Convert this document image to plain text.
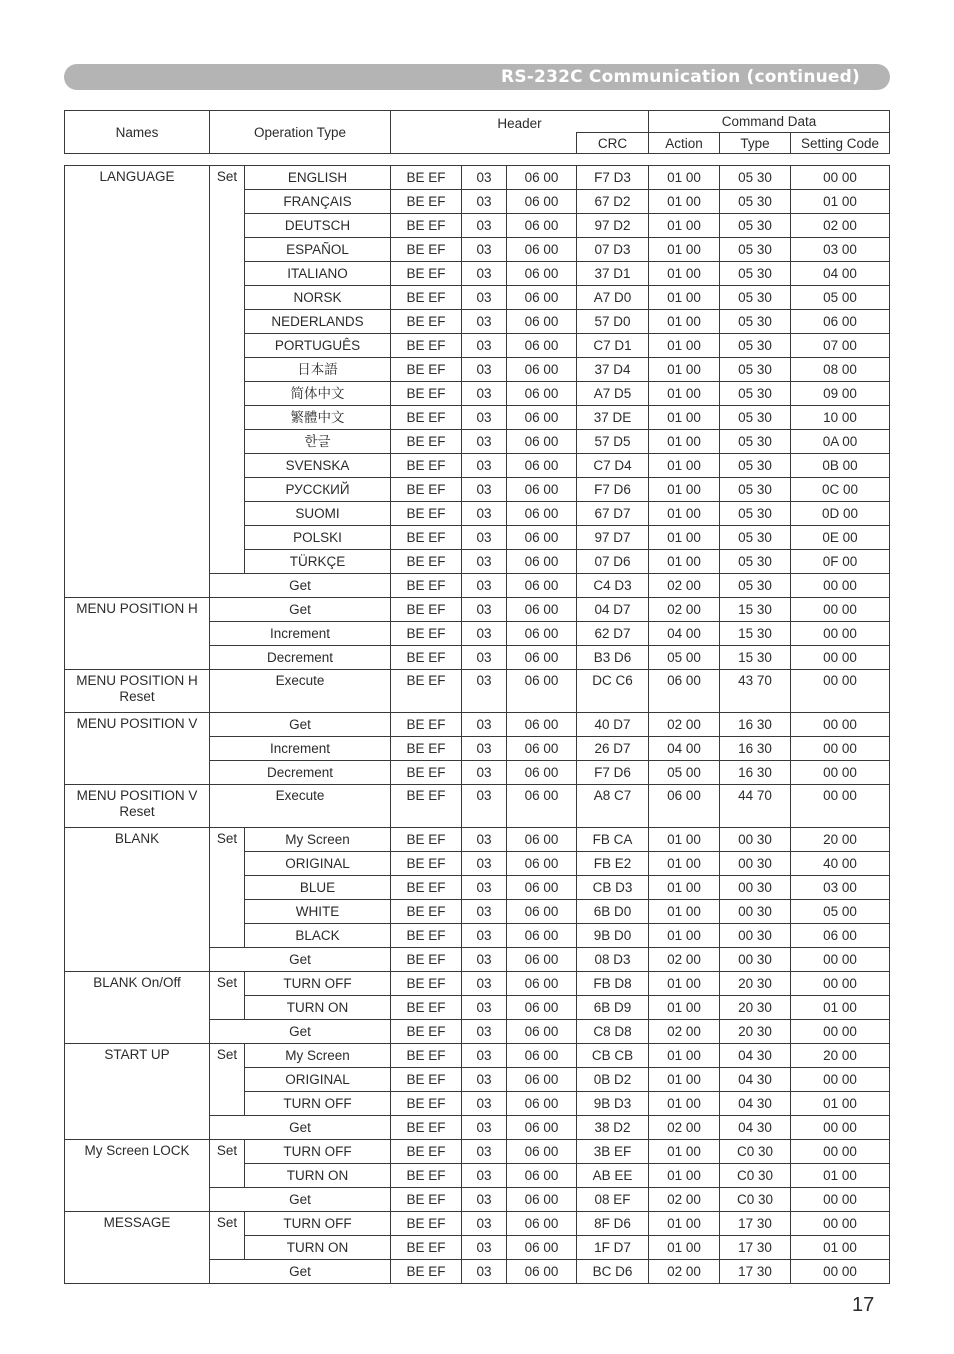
RS-232C Communication (continued)
Names	Operation Type	Header		Command Data		
			CRC	Action	Type	Setting Code
LANGUAGE	Set	ENGLISH	BE EF	03	06 00	F7 D3	01 00	05 30	00 00
		FRANÇAIS	BE EF	03	06 00	67 D2	01 00	05 30	01 00
		DEUTSCH	BE EF	03	06 00	97 D2	01 00	05 30	02 00
		ESPAÑOL	BE EF	03	06 00	07 D3	01 00	05 30	03 00
		ITALIANO	BE EF	03	06 00	37 D1	01 00	05 30	04 00
		NORSK	BE EF	03	06 00	A7 D0	01 00	05 30	05 00
		NEDERLANDS	BE EF	03	06 00	57 D0	01 00	05 30	06 00
		PORTUGUÊS	BE EF	03	06 00	C7 D1	01 00	05 30	07 00
		日本語	BE EF	03	06 00	37 D4	01 00	05 30	08 00
		简体中文	BE EF	03	06 00	A7 D5	01 00	05 30	09 00
		繁體中文	BE EF	03	06 00	37 DE	01 00	05 30	10 00
		한글	BE EF	03	06 00	57 D5	01 00	05 30	0A 00
		SVENSKA	BE EF	03	06 00	C7 D4	01 00	05 30	0B 00
		РУССКИЙ	BE EF	03	06 00	F7 D6	01 00	05 30	0C 00
		SUOMI	BE EF	03	06 00	67 D7	01 00	05 30	0D 00
		POLSKI	BE EF	03	06 00	97 D7	01 00	05 30	0E 00
		TÜRKÇE	BE EF	03	06 00	07 D6	01 00	05 30	0F 00
	Get		BE EF	03	06 00	C4 D3	02 00	05 30	00 00
MENU POSITION H	Get		BE EF	03	06 00	04 D7	02 00	15 30	00 00
	Increment		BE EF	03	06 00	62 D7	04 00	15 30	00 00
	Decrement		BE EF	03	06 00	B3 D6	05 00	15 30	00 00
MENU POSITION H Reset	Execute		BE EF	03	06 00	DC C6	06 00	43 70	00 00
MENU POSITION V	Get		BE EF	03	06 00	40 D7	02 00	16 30	00 00
	Increment		BE EF	03	06 00	26 D7	04 00	16 30	00 00
	Decrement		BE EF	03	06 00	F7 D6	05 00	16 30	00 00
MENU POSITION V Reset	Execute		BE EF	03	06 00	A8 C7	06 00	44 70	00 00
BLANK	Set	My Screen	BE EF	03	06 00	FB CA	01 00	00 30	20 00
		ORIGINAL	BE EF	03	06 00	FB E2	01 00	00 30	40 00
		BLUE	BE EF	03	06 00	CB D3	01 00	00 30	03 00
		WHITE	BE EF	03	06 00	6B D0	01 00	00 30	05 00
		BLACK	BE EF	03	06 00	9B D0	01 00	00 30	06 00
	Get		BE EF	03	06 00	08 D3	02 00	00 30	00 00
BLANK On/Off	Set	TURN OFF	BE EF	03	06 00	FB D8	01 00	20 30	00 00
		TURN ON	BE EF	03	06 00	6B D9	01 00	20 30	01 00
	Get		BE EF	03	06 00	C8 D8	02 00	20 30	00 00
START UP	Set	My Screen	BE EF	03	06 00	CB CB	01 00	04 30	20 00
		ORIGINAL	BE EF	03	06 00	0B D2	01 00	04 30	00 00
		TURN OFF	BE EF	03	06 00	9B D3	01 00	04 30	01 00
	Get		BE EF	03	06 00	38 D2	02 00	04 30	00 00
My Screen LOCK	Set	TURN OFF	BE EF	03	06 00	3B EF	01 00	C0 30	00 00
		TURN ON	BE EF	03	06 00	AB EE	01 00	C0 30	01 00
	Get		BE EF	03	06 00	08 EF	02 00	C0 30	00 00
MESSAGE	Set	TURN OFF	BE EF	03	06 00	8F D6	01 00	17 30	00 00
		TURN ON	BE EF	03	06 00	1F D7	01 00	17 30	01 00
	Get		BE EF	03	06 00	BC D6	02 00	17 30	00 00
17
